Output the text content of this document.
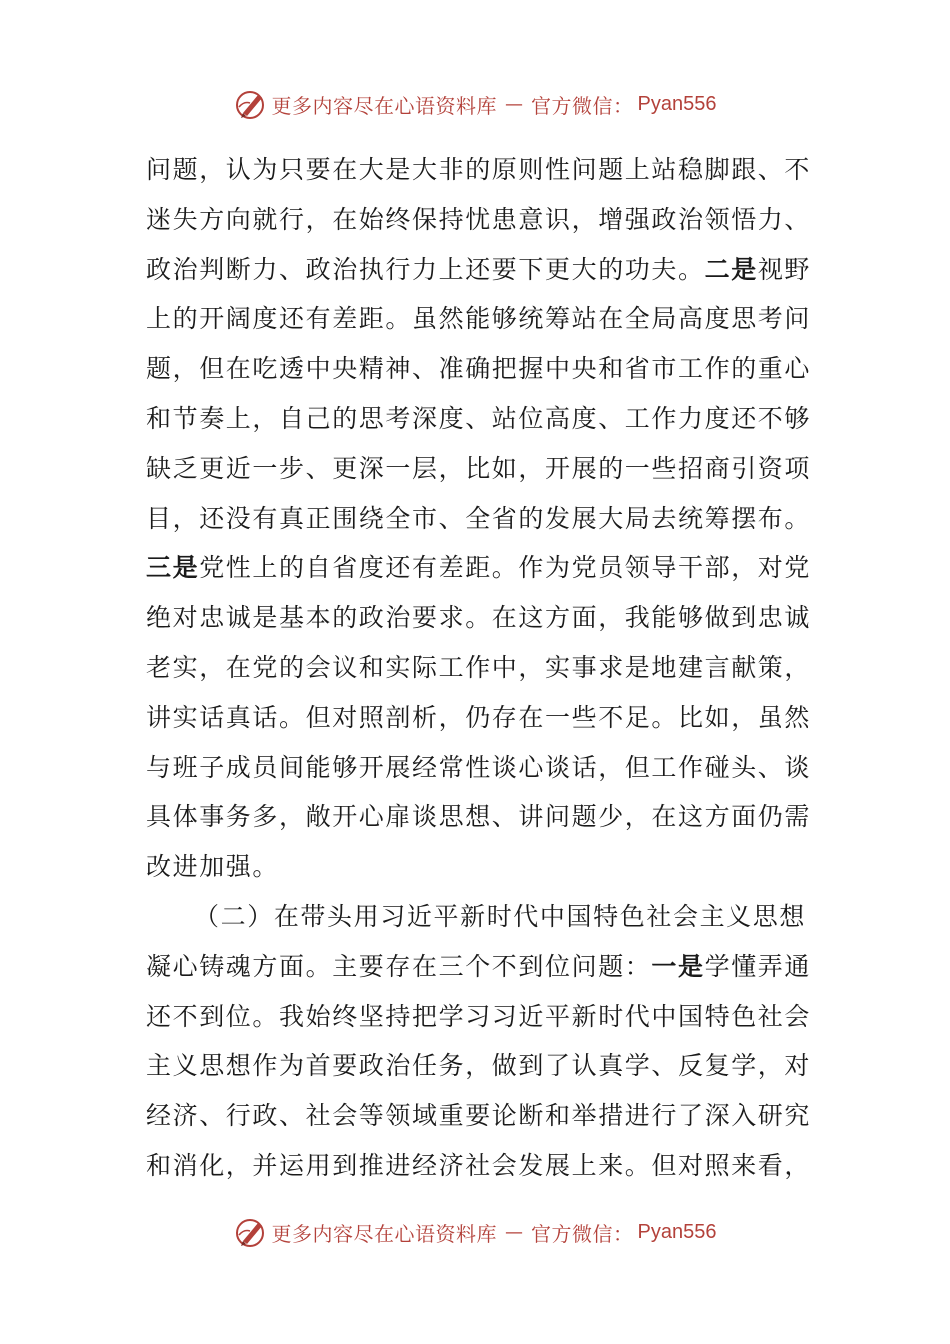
更多内容尽在心语资料库 — 官方微信： Pyan556

问题，认为只要在大是大非的原则性问题上站稳脚跟、不
迷失方向就行，在始终保持忧患意识，增强政治领悟力、
政治判断力、政治执行力上还要下更大的功夫。二是视野
上的开阔度还有差距。虽然能够统筹站在全局高度思考问
题，但在吃透中央精神、准确把握中央和省市工作的重心
和节奏上，自己的思考深度、站位高度、工作力度还不够
缺乏更近一步、更深一层，比如，开展的一些招商引资项
目，还没有真正围绕全市、全省的发展大局去统筹摆布。
三是党性上的自省度还有差距。作为党员领导干部，对党
绝对忠诚是基本的政治要求。在这方面，我能够做到忠诚
老实，在党的会议和实际工作中，实事求是地建言献策，
讲实话真话。但对照剖析，仍存在一些不足。比如，虽然
与班子成员间能够开展经常性谈心谈话，但工作碰头、谈
具体事务多，敞开心扉谈思想、讲问题少，在这方面仍需
改进加强。

（二）在带头用习近平新时代中国特色社会主义思想
凝心铸魂方面。主要存在三个不到位问题：一是学懂弄通
还不到位。我始终坚持把学习习近平新时代中国特色社会
主义思想作为首要政治任务，做到了认真学、反复学，对
经济、行政、社会等领域重要论断和举措进行了深入研究
和消化，并运用到推进经济社会发展上来。但对照来看，

更多内容尽在心语资料库 — 官方微信： Pyan556
